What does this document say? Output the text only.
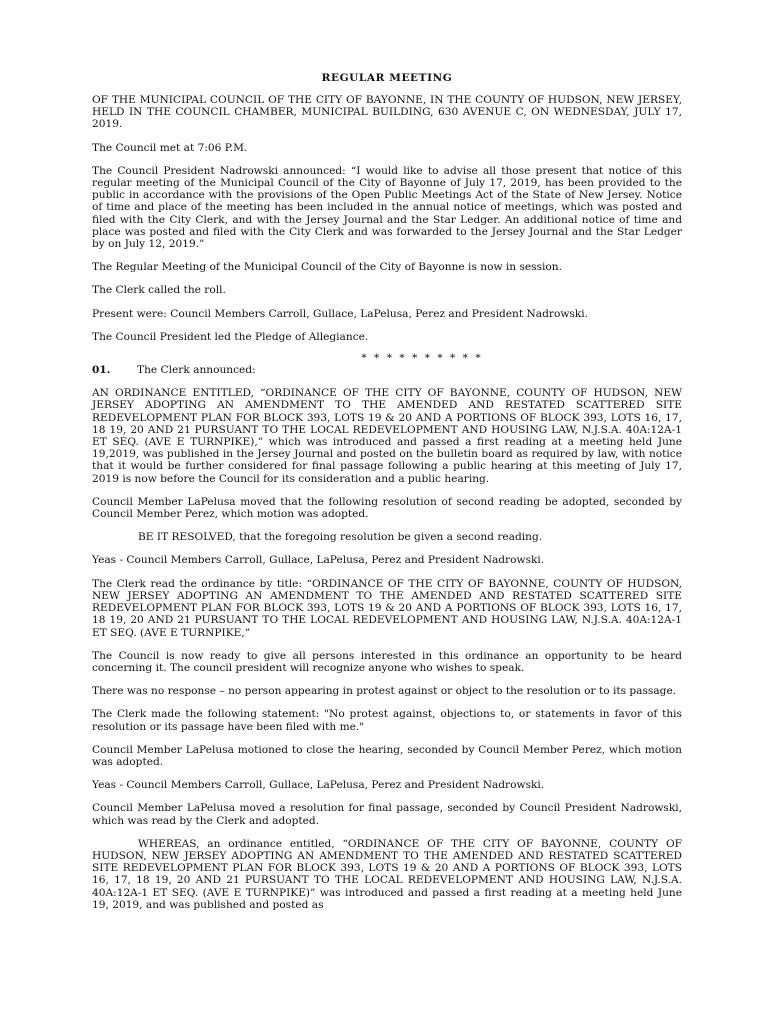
REGULAR MEETING

OF THE MUNICIPAL COUNCIL OF THE CITY OF BAYONNE, IN THE COUNTY OF HUDSON, NEW JERSEY, HELD IN THE COUNCIL CHAMBER, MUNICIPAL BUILDING, 630 AVENUE C, ON WEDNESDAY, JULY 17, 2019.

The Council met at 7:06 P.M.

The Council President Nadrowski announced: “I would like to advise all those present that notice of this regular meeting of the Municipal Council of the City of Bayonne of July 17, 2019, has been provided to the public in accordance with the provisions of the Open Public Meetings Act of the State of New Jersey. Notice of time and place of the meeting has been included in the annual notice of meetings, which was posted and filed with the City Clerk, and with the Jersey Journal and the Star Ledger. An additional notice of time and place was posted and filed with the City Clerk and was forwarded to the Jersey Journal and the Star Ledger by on July 12, 2019.”

The Regular Meeting of the Municipal Council of the City of Bayonne is now in session.

The Clerk called the roll.

Present were: Council Members Carroll, Gullace, LaPelusa, Perez and President Nadrowski.

The Council President led the Pledge of Allegiance.

* * * * * * * * * *
01.	The Clerk announced:

AN ORDINANCE ENTITLED, “ORDINANCE OF THE CITY OF BAYONNE, COUNTY OF HUDSON, NEW JERSEY ADOPTING AN AMENDMENT TO THE AMENDED AND RESTATED SCATTERED SITE REDEVELOPMENT PLAN FOR BLOCK 393, LOTS 19 & 20 AND A PORTIONS OF BLOCK 393, LOTS 16, 17, 18 19, 20 AND 21 PURSUANT TO THE LOCAL REDEVELOPMENT AND HOUSING LAW, N.J.S.A. 40A:12A-1 ET SEQ. (AVE E TURNPIKE),” which was introduced and passed a first reading at a meeting held June 19,2019, was published in the Jersey Journal and posted on the bulletin board as required by law, with notice that it would be further considered for final passage following a public hearing at this meeting of July 17, 2019 is now before the Council for its consideration and a public hearing.

Council Member LaPelusa moved that the following resolution of second reading be adopted, seconded by Council Member Perez, which motion was adopted.

BE IT RESOLVED, that the foregoing resolution be given a second reading.

Yeas - Council Members Carroll, Gullace, LaPelusa, Perez and President Nadrowski.

The Clerk read the ordinance by title: “ORDINANCE OF THE CITY OF BAYONNE, COUNTY OF HUDSON, NEW JERSEY ADOPTING AN AMENDMENT TO THE AMENDED AND RESTATED SCATTERED SITE REDEVELOPMENT PLAN FOR BLOCK 393, LOTS 19 & 20 AND A PORTIONS OF BLOCK 393, LOTS 16, 17, 18 19, 20 AND 21 PURSUANT TO THE LOCAL REDEVELOPMENT AND HOUSING LAW, N.J.S.A. 40A:12A-1 ET SEQ. (AVE E TURNPIKE,”

The Council is now ready to give all persons interested in this ordinance an opportunity to be heard concerning it. The council president will recognize anyone who wishes to speak.

There was no response – no person appearing in protest against or object to the resolution or to its passage.

The Clerk made the following statement: "No protest against, objections to, or statements in favor of this resolution or its passage have been filed with me."

Council Member LaPelusa motioned to close the hearing, seconded by Council Member Perez, which motion was adopted.

Yeas - Council Members Carroll, Gullace, LaPelusa, Perez and President Nadrowski.

Council Member LaPelusa moved a resolution for final passage, seconded by Council President Nadrowski, which was read by the Clerk and adopted.

WHEREAS, an ordinance entitled, “ORDINANCE OF THE CITY OF BAYONNE, COUNTY OF HUDSON, NEW JERSEY ADOPTING AN AMENDMENT TO THE AMENDED AND RESTATED SCATTERED SITE REDEVELOPMENT PLAN FOR BLOCK 393, LOTS 19 & 20 AND A PORTIONS OF BLOCK 393, LOTS 16, 17, 18 19, 20 AND 21 PURSUANT TO THE LOCAL REDEVELOPMENT AND HOUSING LAW, N.J.S.A. 40A:12A-1 ET SEQ. (AVE E TURNPIKE)” was introduced and passed a first reading at a meeting held June 19, 2019, and was published and posted as
